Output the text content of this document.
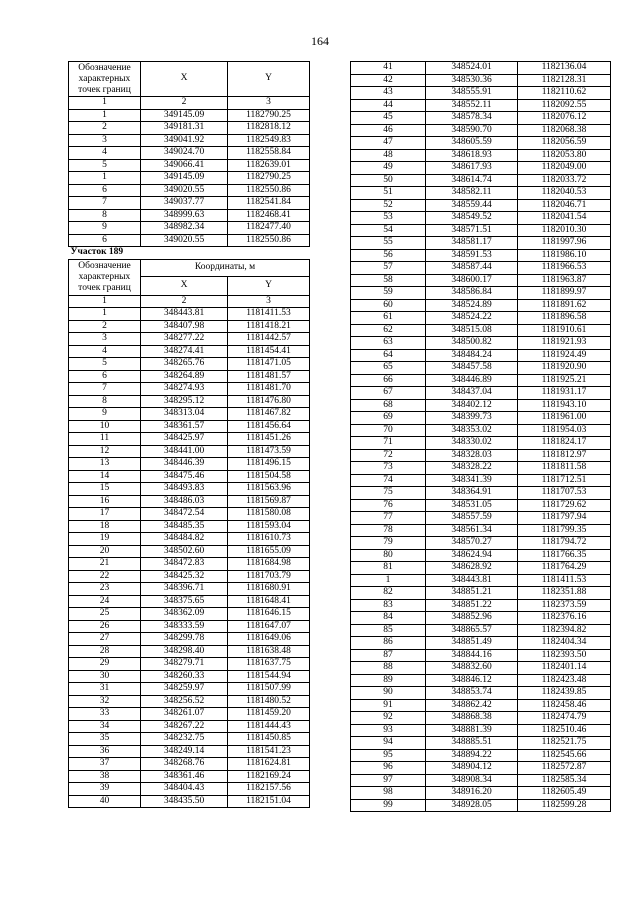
164
Обозначение характерных точек границ	X	Y
1	2	3
1	349145.09	1182790.25
2	349181.31	1182818.12
3	349041.92	1182549.83
4	349024.70	1182558.84
5	349066.41	1182639.01
1	349145.09	1182790.25
6	349020.55	1182550.86
7	349037.77	1182541.84
8	348999.63	1182468.41
9	348982.34	1182477.40
6	349020.55	1182550.86
Участок 189		
Обозначение характерных точек границ	Координаты, м	
	X	Y
1	2	3
1	348443.81	1181411.53
2	348407.98	1181418.21
3	348277.22	1181442.57
4	348274.41	1181454.41
5	348265.76	1181471.05
6	348264.89	1181481.57
7	348274.93	1181481.70
8	348295.12	1181476.80
9	348313.04	1181467.82
10	348361.57	1181456.64
11	348425.97	1181451.26
12	348441.00	1181473.59
13	348446.39	1181496.15
14	348475.46	1181504.58
15	348493.83	1181563.96
16	348486.03	1181569.87
17	348472.54	1181580.08
18	348485.35	1181593.04
19	348484.82	1181610.73
20	348502.60	1181655.09
21	348472.83	1181684.98
22	348425.32	1181703.79
23	348396.71	1181680.91
24	348375.65	1181648.41
25	348362.09	1181646.15
26	348333.59	1181647.07
27	348299.78	1181649.06
28	348298.40	1181638.48
29	348279.71	1181637.75
30	348260.33	1181544.94
31	348259.97	1181507.99
32	348256.52	1181480.52
33	348261.07	1181459.20
34	348267.22	1181444.43
35	348232.75	1181450.85
36	348249.14	1181541.23
37	348268.76	1181624.81
38	348361.46	1182169.24
39	348404.43	1182157.56
40	348435.50	1182151.04
41	348524.01	1182136.04
42	348530.36	1182128.31
43	348555.91	1182110.62
44	348552.11	1182092.55
45	348578.34	1182076.12
46	348590.70	1182068.38
47	348605.59	1182056.59
48	348618.93	1182053.80
49	348617.93	1182049.00
50	348614.74	1182033.72
51	348582.11	1182040.53
52	348559.44	1182046.71
53	348549.52	1182041.54
54	348571.51	1182010.30
55	348581.17	1181997.96
56	348591.53	1181986.10
57	348587.44	1181966.53
58	348600.17	1181963.87
59	348586.84	1181899.97
60	348524.89	1181891.62
61	348524.22	1181896.58
62	348515.08	1181910.61
63	348500.82	1181921.93
64	348484.24	1181924.49
65	348457.58	1181920.90
66	348446.89	1181925.21
67	348437.04	1181931.17
68	348402.12	1181943.10
69	348399.73	1181961.00
70	348353.02	1181954.03
71	348330.02	1181824.17
72	348328.03	1181812.97
73	348328.22	1181811.58
74	348341.39	1181712.51
75	348364.91	1181707.53
76	348531.05	1181729.62
77	348557.59	1181797.94
78	348561.34	1181799.35
79	348570.27	1181794.72
80	348624.94	1181766.35
81	348628.92	1181764.29
1	348443.81	1181411.53
82	348851.21	1182351.88
83	348851.22	1182373.59
84	348852.96	1182376.16
85	348865.57	1182394.82
86	348851.49	1182404.34
87	348844.16	1182393.50
88	348832.60	1182401.14
89	348846.12	1182423.48
90	348853.74	1182439.85
91	348862.42	1182458.46
92	348868.38	1182474.79
93	348881.39	1182510.46
94	348885.51	1182521.75
95	348894.22	1182545.66
96	348904.12	1182572.87
97	348908.34	1182585.34
98	348916.20	1182605.49
99	348928.05	1182599.28
